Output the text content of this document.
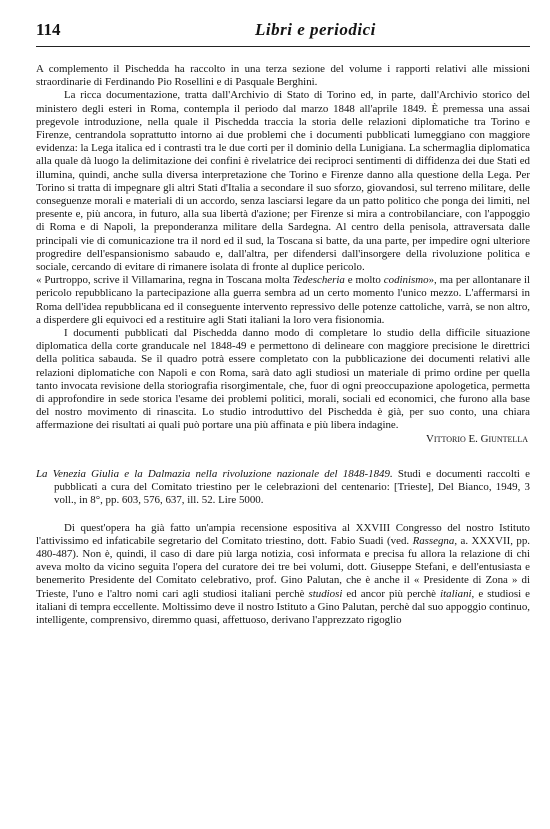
114	Libri e periodici

A complemento il Pischedda ha raccolto in una terza sezione del volume i rapporti relativi alle missioni straordinarie di Ferdinando Pio Rosellini e di Pasquale Berghini.

La ricca documentazione, tratta dall'Archivio di Stato di Torino ed, in parte, dall'Archivio storico del ministero degli esteri in Roma, contempla il periodo dal marzo 1848 all'aprile 1849. È premessa una assai pregevole introduzione, nella quale il Pischedda traccia la storia delle relazioni diplomatiche tra Torino e Firenze, centrandola soprattutto intorno ai due problemi che i documenti pubblicati lumeggiano con maggiore evidenza: la Lega italica ed i contrasti tra le due corti per il dominio della Lunigiana. La schermaglia diplomatica alla quale dà luogo la delimitazione dei confini è rivelatrice dei reciproci sentimenti di diffidenza dei due Stati ed illumina, quindi, anche sulla diversa interpretazione che Torino e Firenze danno alla questione della Lega. Per Torino si tratta di impegnare gli altri Stati d'Italia a secondare il suo sforzo, giovandosi, sul terreno militare, delle conseguenze morali e materiali di un accordo, senza lasciarsi legare da un patto politico che ponga dei limiti, nel presente e, più ancora, in futuro, alla sua libertà d'azione; per Firenze si mira a controbilanciare, con l'appoggio di Roma e di Napoli, la preponderanza militare della Sardegna. Al centro della penisola, attraversata dalle principali vie di comunicazione tra il nord ed il sud, la Toscana si batte, da una parte, per impedire ogni ulteriore progredire dell'espansionismo sabaudo e, dall'altra, per difendersi dall'insorgere della rivoluzione politica e sociale, cercando di evitare di rimanere isolata di fronte al duplice pericolo.

« Purtroppo, scrive il Villamarina, regna in Toscana molta Tedescheria e molto codinismo», ma per allontanare il pericolo repubblicano la partecipazione alla guerra sembra ad un certo momento l'unico mezzo. L'affermarsi in Roma dell'idea repubblicana ed il conseguente intervento repressivo delle potenze cattoliche, varrà, se non altro, a disperdere gli equivoci ed a restituire agli Stati italiani la loro vera fisionomia.

I documenti pubblicati dal Pischedda danno modo di completare lo studio della difficile situazione diplomatica della corte granducale nel 1848-49 e permettono di delineare con maggiore precisione le direttrici della politica sabauda. Se il quadro potrà essere completato con la pubblicazione dei documenti relativi alle relazioni diplomatiche con Napoli e con Roma, sarà dato agli studiosi un materiale di primo ordine per quella tanto invocata revisione della storiografia risorgimentale, che, fuor di ogni preoccupazione apologetica, permetta di approfondire in sede storica l'esame dei problemi politici, morali, sociali ed economici, che furono alla base del nostro movimento di rinascita. Lo studio introduttivo del Pischedda è già, per suo conto, una chiara affermazione dei risultati ai quali può portare una più affinata e più libera indagine.

Vittorio E. Giuntella

La Venezia Giulia e la Dalmazia nella rivoluzione nazionale del 1848-1849. Studi e documenti raccolti e pubblicati a cura del Comitato triestino per le celebrazioni del centenario: [Trieste], Del Bianco, 1949, 3 voll., in 8°, pp. 603, 576, 637, ill. 52. Lire 5000.

Di quest'opera ha già fatto un'ampia recensione espositiva al XXVIII Congresso del nostro Istituto l'attivissimo ed infaticabile segretario del Comitato triestino, dott. Fabio Suadi (ved. Rassegna, a. XXXVII, pp. 480-487). Non è, quindi, il caso di dare più larga notizia, così informata e precisa fu allora la relazione di chi aveva molto da vicino seguita l'opera del curatore dei tre bei volumi, dott. Giuseppe Stefani, e dell'entusiasta e benemerito Presidente del Comitato celebrativo, prof. Gino Palutan, che è anche il « Presidente di Zona » di Trieste, l'uno e l'altro nomi cari agli studiosi italiani perchè studiosi ed ancor più perchè italiani, e studiosi e italiani di tempra eccellente. Moltissimo deve il nostro Istituto a Gino Palutan, perchè dal suo appoggio continuo, intelligente, comprensivo, diremmo quasi, affettuoso, derivano l'apprezzato rigoglio
